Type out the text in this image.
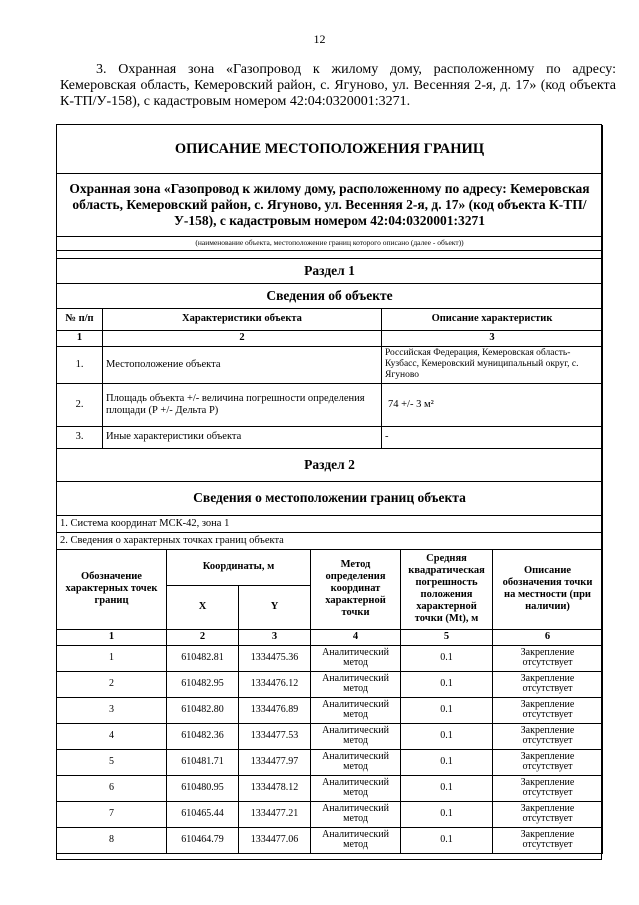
12
3. Охранная зона «Газопровод к жилому дому, расположенному по адресу: Кемеровская область, Кемеровский район, с. Ягуново, ул. Весенняя 2-я, д. 17» (код объекта К-ТП/У-158), с кадастровым номером 42:04:0320001:3271.
ОПИСАНИЕ МЕСТОПОЛОЖЕНИЯ ГРАНИЦ		
Охранная зона «Газопровод к жилому дому, расположенному по адресу: Кемеровская область, Кемеровский район, с. Ягуново, ул. Весенняя 2-я, д. 17» (код объекта К-ТП/У-158), с кадастровым номером 42:04:0320001:3271		
(наименование объекта, местоположение границ которого описано (далее - объект))		

Раздел 1		
Сведения об объекте		
№ п/п	Характеристики объекта	Описание характеристик
1	2	3
1.	Местоположение объекта	Российская Федерация, Кемеровская область-Кузбасс, Кемеровский муниципальный округ, с. Ягуново
2.	Площадь объекта +/- величина погрешности определения площади (Р +/- Дельта Р)	74 +/- 3 м²
3.	Иные характеристики объекта	-
Раздел 2		
Сведения о местоположении границ объекта		
1. Система координат МСК-42, зона 1		
2. Сведения о характерных точках границ объекта		
Обозначение характерных точек границ	Координаты, м		Метод определения координат характерной точки	Средняя квадратическая погрешность положения характерной точки (Mt), м	Описание обозначения точки на местности (при наличии)
	X	Y			
1	2	3	4	5	6
1	610482.81	1334475.36	Аналитический метод	0.1	Закрепление отсутствует
2	610482.95	1334476.12	Аналитический метод	0.1	Закрепление отсутствует
3	610482.80	1334476.89	Аналитический метод	0.1	Закрепление отсутствует
4	610482.36	1334477.53	Аналитический метод	0.1	Закрепление отсутствует
5	610481.71	1334477.97	Аналитический метод	0.1	Закрепление отсутствует
6	610480.95	1334478.12	Аналитический метод	0.1	Закрепление отсутствует
7	610465.44	1334477.21	Аналитический метод	0.1	Закрепление отсутствует
8	610464.79	1334477.06	Аналитический метод	0.1	Закрепление отсутствует
